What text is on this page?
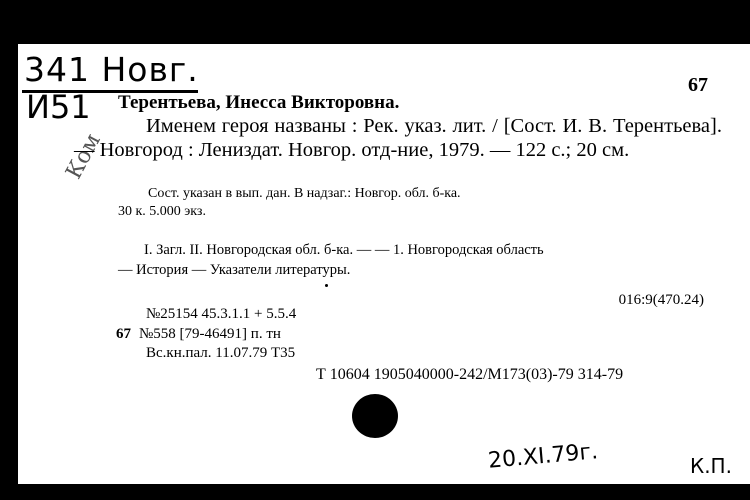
341 Новг.
И51
Ком
67
Терентьева, Инесса Викторовна.
Именем героя названы : Рек. указ. лит. / [Сост. И. В. Терентьева]. — Новгород : Лениздат. Новгор. отд-ние, 1979. — 122 с.; 20 см.
Сост. указан в вып. дан. В надзаг.: Новгор. обл. б-ка.
30 к. 5.000 экз.
I. Загл. II. Новгородская обл. б-ка. — — 1. Новгородская область
— История — Указатели литературы.
016:9(470.24)
№25154 45.3.1.1 + 5.5.4
67 №558 [79-46491] п. тн
Вс.кн.пал. 11.07.79 Т35
Т 10604 1905040000-242/М173(03)-79 314-79
20.XI.79г.	К.П.
